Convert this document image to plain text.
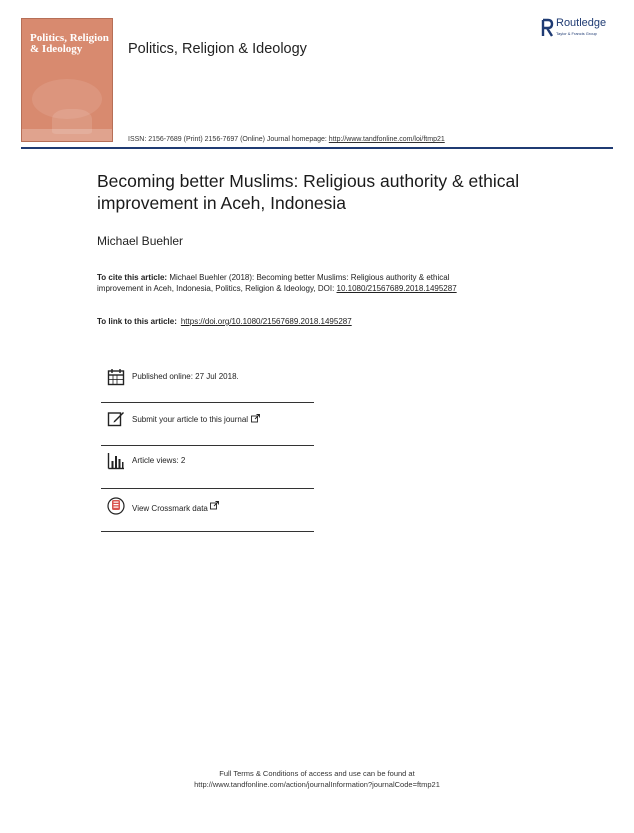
Politics, Religion & Ideology	Politics, Religion & Ideology
Routledge
Taylor & Francis Group
ISSN: 2156-7689 (Print) 2156-7697 (Online) Journal homepage: http://www.tandfonline.com/loi/ftmp21
Becoming better Muslims: Religious authority & ethical improvement in Aceh, Indonesia
Michael Buehler
To cite this article: Michael Buehler (2018): Becoming better Muslims: Religious authority & ethical improvement in Aceh, Indonesia, Politics, Religion & Ideology, DOI: 10.1080/21567689.2018.1495287
To link to this article: https://doi.org/10.1080/21567689.2018.1495287
Published online: 27 Jul 2018.
Submit your article to this journal
Article views: 2
View Crossmark data
Full Terms & Conditions of access and use can be found at
http://www.tandfonline.com/action/journalInformation?journalCode=ftmp21
